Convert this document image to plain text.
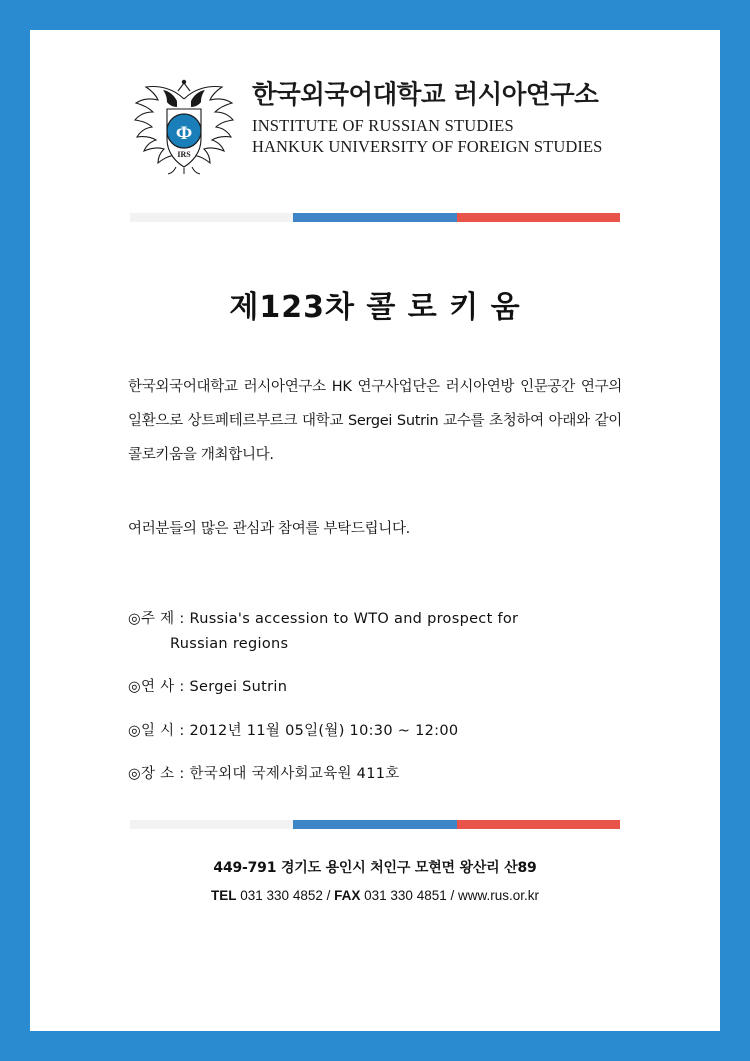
Ф
IRS
한국외국어대학교 러시아연구소
INSTITUTE OF RUSSIAN STUDIES
HANKUK UNIVERSITY OF FOREIGN STUDIES
제123차 콜 로 키 움
한국외국어대학교 러시아연구소 HK 연구사업단은 러시아연방 인문공간 연구의 일환으로 상트페테르부르크 대학교 Sergei Sutrin 교수를 초청하여 아래와 같이 콜로키움을 개최합니다.
여러분들의 많은 관심과 참여를 부탁드립니다.
◎주 제 : Russia's accession to WTO and prospect for
Russian regions
◎연 사 : Sergei Sutrin
◎일 시 : 2012년 11월 05일(월) 10:30 ~ 12:00
◎장 소 : 한국외대 국제사회교육원 411호
449-791 경기도 용인시 처인구 모현면 왕산리 산89
TEL 031 330 4852 / FAX 031 330 4851 / www.rus.or.kr
